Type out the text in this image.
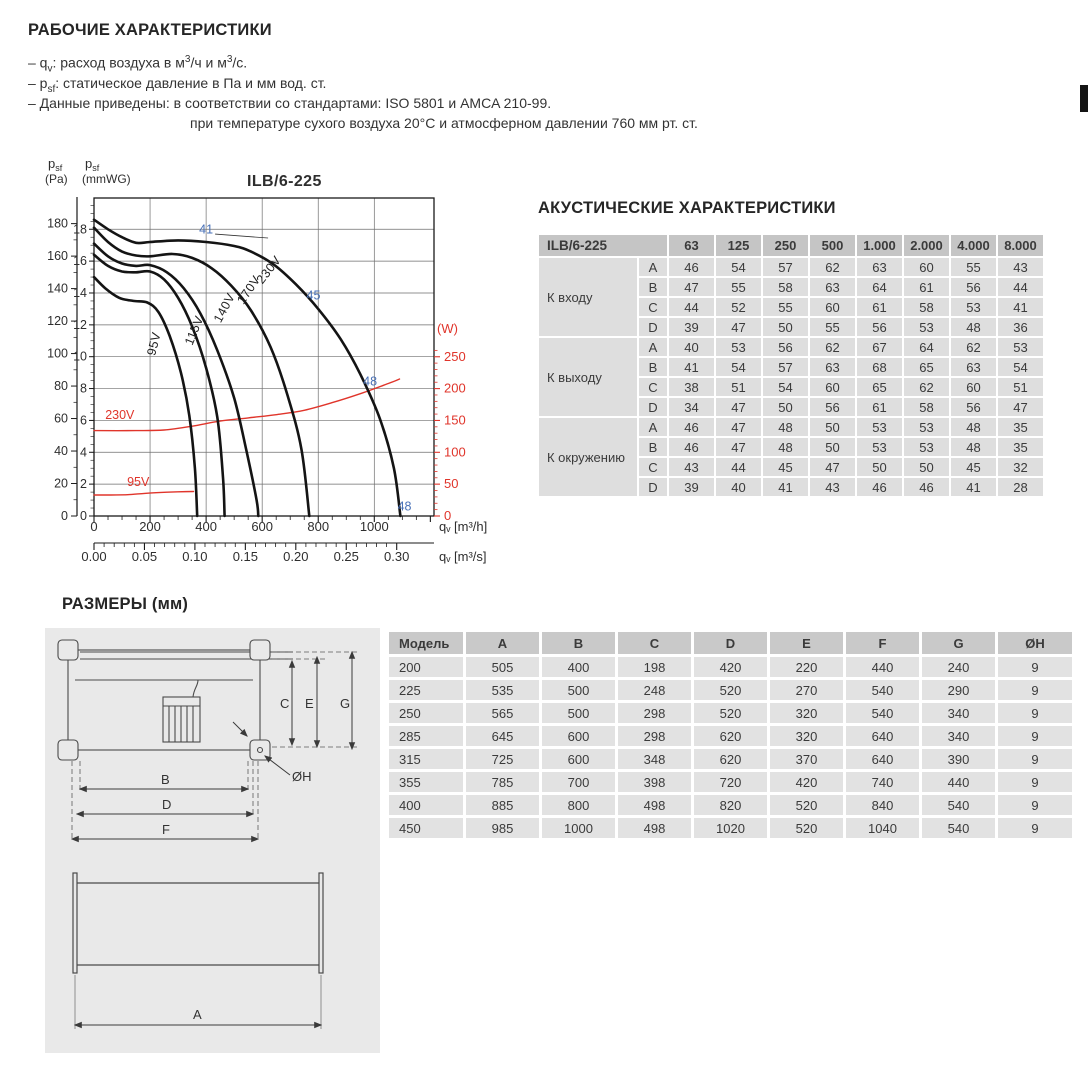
РАБОЧИЕ ХАРАКТЕРИСТИКИ

– $q_v$: расход воздуха в $м^3/ч$ и $м^3/с$.

– $p_{sf}$: статическое давление в Па и мм вод. ст.

– Данные приведены: в соответствии со стандартами: ISO 5801 и AMCA 210-99.

при температуре сухого воздуха 20°C и атмосферном давлении 760 мм рт. ст.

180
160
140
120
100
80
60
40
20
0
18
16
14
12
10
8
6
4
2
0
0	200	400	600	800 1000	qᵥ [m³/h]
0.00 0.05 0.10 0.15 0.20 0.25 0.30 qᵥ [m³/s]
250
200
150
100
50
0
(W)
230V
95V
230V
170V
140V
115V
95V
41
45
48
48
ILB/6-225
$p_{sf}$
(Pa)
$p_{sf}$
(mmWG)
АКУСТИЧЕСКИЕ ХАРАКТЕРИСТИКИ
ILB/6-225		63	125	250	500	1.000	2.000	4.000	8.000
К входу	A	46	54	57	62	63	60	55	43
	B	47	55	58	63	64	61	56	44
	C	44	52	55	60	61	58	53	41
	D	39	47	50	55	56	53	48	36
К выходу	A	40	53	56	62	67	64	62	53
	B	41	54	57	63	68	65	63	54
	C	38	51	54	60	65	62	60	51
	D	34	47	50	56	61	58	56	47
К окружению	A	46	47	48	50	53	53	48	35
	B	46	47	48	50	53	53	48	35
	C	43	44	45	47	50	50	45	32
	D	39	40	41	43	46	46	41	28
РАЗМЕРЫ (мм)
C E G
B
D
F
ØH
A
Модель	A	B	C	D	E	F	G	ØH
200	505	400	198	420	220	440	240	9
225	535	500	248	520	270	540	290	9
250	565	500	298	520	320	540	340	9
285	645	600	298	620	320	640	340	9
315	725	600	348	620	370	640	390	9
355	785	700	398	720	420	740	440	9
400	885	800	498	820	520	840	540	9
450	985	1000	498	1020	520	1040	540	9
